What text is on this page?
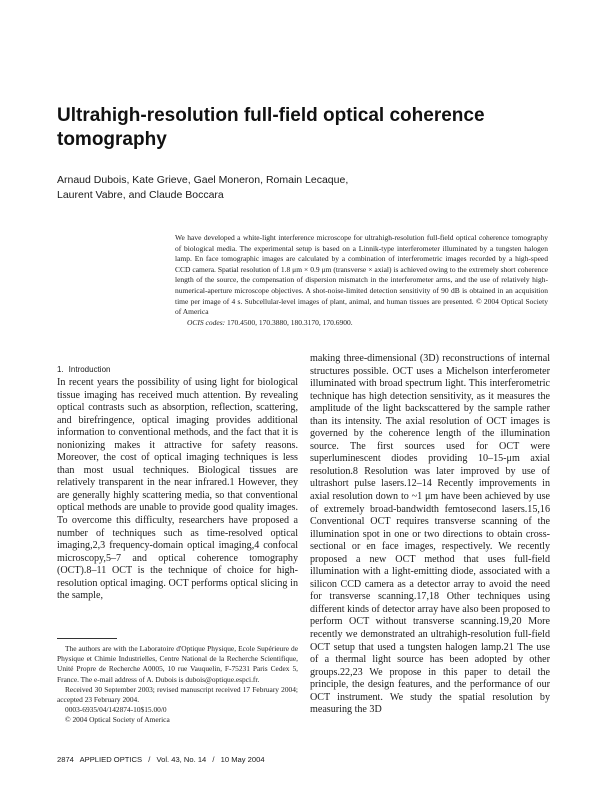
Ultrahigh-resolution full-field optical coherence tomography
Arnaud Dubois, Kate Grieve, Gael Moneron, Romain Lecaque,
Laurent Vabre, and Claude Boccara
We have developed a white-light interference microscope for ultrahigh-resolution full-field optical coherence tomography of biological media. The experimental setup is based on a Linnik-type interferometer illuminated by a tungsten halogen lamp. En face tomographic images are calculated by a combination of interferometric images recorded by a high-speed CCD camera. Spatial resolution of 1.8 μm × 0.9 μm (transverse × axial) is achieved owing to the extremely short coherence length of the source, the compensation of dispersion mismatch in the interferometer arms, and the use of relatively high-numerical-aperture microscope objectives. A shot-noise-limited detection sensitivity of 90 dB is obtained in an acquisition time per image of 4 s. Subcellular-level images of plant, animal, and human tissues are presented. © 2004 Optical Society of America
OCIS codes: 170.4500, 170.3880, 180.3170, 170.6900.
1. Introduction

In recent years the possibility of using light for biological tissue imaging has received much attention. By revealing optical contrasts such as absorption, reflection, scattering, and birefringence, optical imaging provides additional information to conventional methods, and the fact that it is nonionizing makes it attractive for safety reasons. Moreover, the cost of optical imaging techniques is less than most usual techniques. Biological tissues are relatively transparent in the near infrared.1 However, they are generally highly scattering media, so that conventional optical methods are unable to provide good quality images. To overcome this difficulty, researchers have proposed a number of techniques such as time-resolved optical imaging,2,3 frequency-domain optical imaging,4 confocal microscopy,5–7 and optical coherence tomography (OCT).8–11 OCT is the technique of choice for high-resolution optical imaging. OCT performs optical slicing in the sample,

making three-dimensional (3D) reconstructions of internal structures possible. OCT uses a Michelson interferometer illuminated with broad spectrum light. This interferometric technique has high detection sensitivity, as it measures the amplitude of the light backscattered by the sample rather than its intensity. The axial resolution of OCT images is governed by the coherence length of the illumination source. The first sources used for OCT were superluminescent diodes providing 10–15-μm axial resolution.8 Resolution was later improved by use of ultrashort pulse lasers.12–14 Recently improvements in axial resolution down to ~1 μm have been achieved by use of extremely broad-bandwidth femtosecond lasers.15,16 Conventional OCT requires transverse scanning of the illumination spot in one or two directions to obtain cross-sectional or en face images, respectively. We recently proposed a new OCT method that uses full-field illumination with a light-emitting diode, associated with a silicon CCD camera as a detector array to avoid the need for transverse scanning.17,18 Other techniques using different kinds of detector array have also been proposed to perform OCT without transverse scanning.19,20 More recently we demonstrated an ultrahigh-resolution full-field OCT setup that used a tungsten halogen lamp.21 The use of a thermal light source has been adopted by other groups.22,23 We propose in this paper to detail the principle, the design features, and the performance of our OCT instrument. We study the spatial resolution by measuring the 3D

The authors are with the Laboratoire d'Optique Physique, Ecole Supérieure de Physique et Chimie Industrielles, Centre National de la Recherche Scientifique, Unité Propre de Recherche A0005, 10 rue Vauquelin, F-75231 Paris Cedex 5, France. The e-mail address of A. Dubois is dubois@optique.espci.fr.

Received 30 September 2003; revised manuscript received 17 February 2004; accepted 23 February 2004.

0003-6935/04/142874-10$15.00/0

© 2004 Optical Society of America

2874 APPLIED OPTICS / Vol. 43, No. 14 / 10 May 2004
